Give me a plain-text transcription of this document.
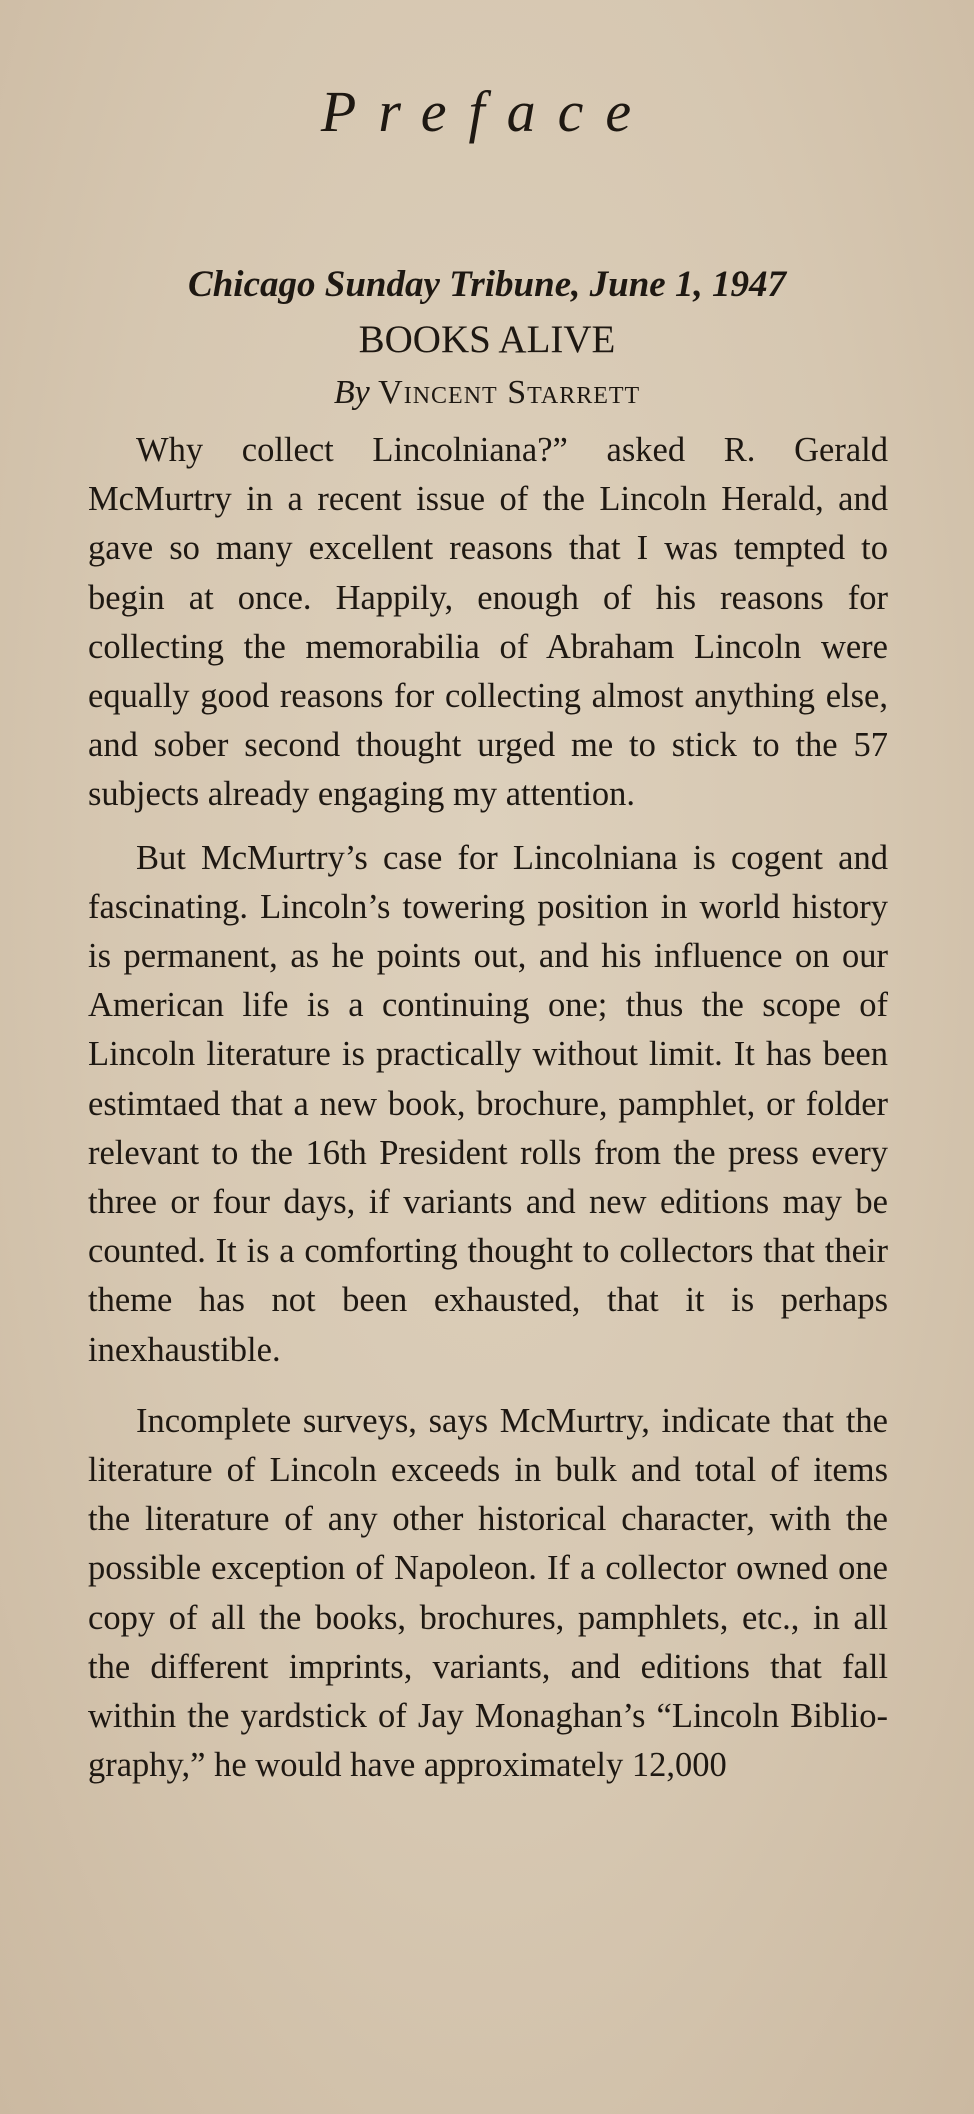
Preface

Chicago Sunday Tribune, June 1, 1947

BOOKS ALIVE

By Vincent Starrett

Why collect Lincolniana?” asked R. Gerald McMurtry in a recent issue of the Lincoln Herald, and gave so many excellent reasons that I was tempted to begin at once. Happily, enough of his reasons for collecting the memorabilia of Abraham Lincoln were equally good reasons for collecting almost anything else, and sober second thought urged me to stick to the 57 subjects already engaging my attention.

But McMurtry’s case for Lincolniana is cogent and fascinating. Lincoln’s towering position in world history is permanent, as he points out, and his influence on our American life is a continuing one; thus the scope of Lincoln literature is practically without limit. It has been estimtaed that a new book, brochure, pamphlet, or folder relevant to the 16th President rolls from the press every three or four days, if variants and new editions may be counted. It is a comforting thought to collectors that their theme has not been exhausted, that it is perhaps inexhaustible.

Incomplete surveys, says McMurtry, indicate that the literature of Lincoln exceeds in bulk and total of items the literature of any other historical character, with the possible exception of Napoleon. If a collector owned one copy of all the books, brochures, pamphlets, etc., in all the different imprints, variants, and editions that fall within the yardstick of Jay Monaghan’s “Lincoln Bibliography,” he would have approximately 12,000
